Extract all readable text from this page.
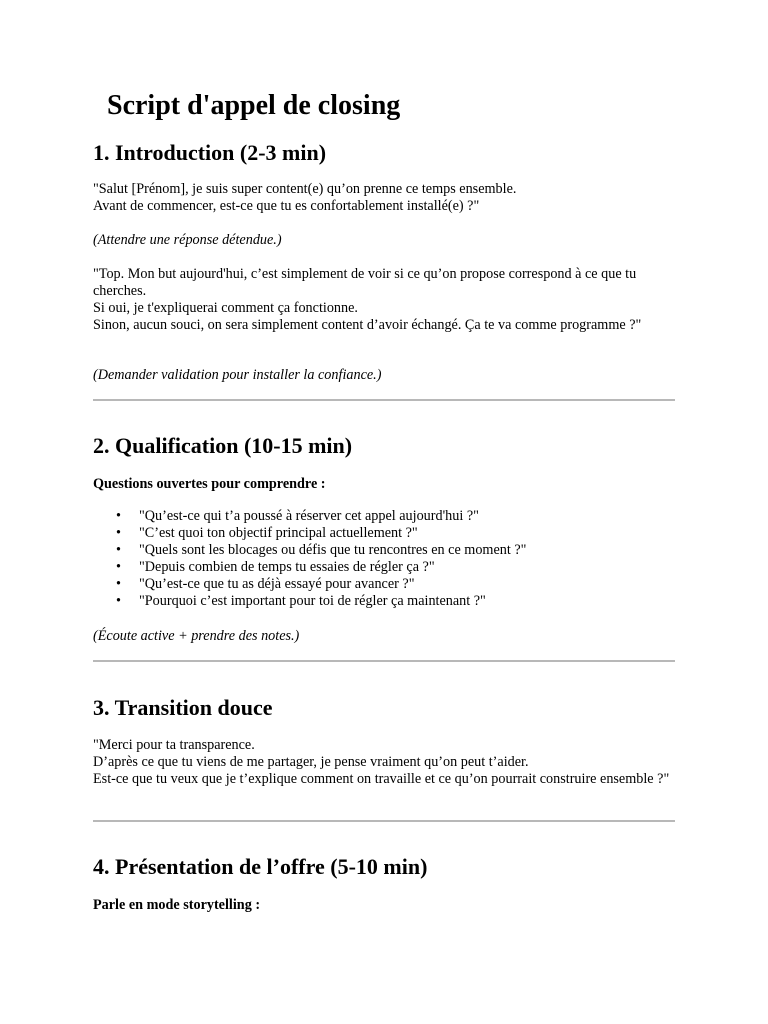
Script d'appel de closing
1. Introduction (2-3 min)

"Salut [Prénom], je suis super content(e) qu’on prenne ce temps ensemble.
Avant de commencer, est-ce que tu es confortablement installé(e) ?"

(Attendre une réponse détendue.)

"Top. Mon but aujourd'hui, c’est simplement de voir si ce qu’on propose correspond à ce que tu cherches.
Si oui, je t'expliquerai comment ça fonctionne.
Sinon, aucun souci, on sera simplement content d’avoir échangé. Ça te va comme programme ?"

(Demander validation pour installer la confiance.)

2. Qualification (10-15 min)

Questions ouvertes pour comprendre :

• "Qu’est-ce qui t’a poussé à réserver cet appel aujourd'hui ?"
• "C’est quoi ton objectif principal actuellement ?"
• "Quels sont les blocages ou défis que tu rencontres en ce moment ?"
• "Depuis combien de temps tu essaies de régler ça ?"
• "Qu’est-ce que tu as déjà essayé pour avancer ?"
• "Pourquoi c’est important pour toi de régler ça maintenant ?"

(Écoute active + prendre des notes.)

3. Transition douce

"Merci pour ta transparence.
D’après ce que tu viens de me partager, je pense vraiment qu’on peut t’aider.
Est-ce que tu veux que je t’explique comment on travaille et ce qu’on pourrait construire ensemble ?"

4. Présentation de l’offre (5-10 min)

Parle en mode storytelling :
